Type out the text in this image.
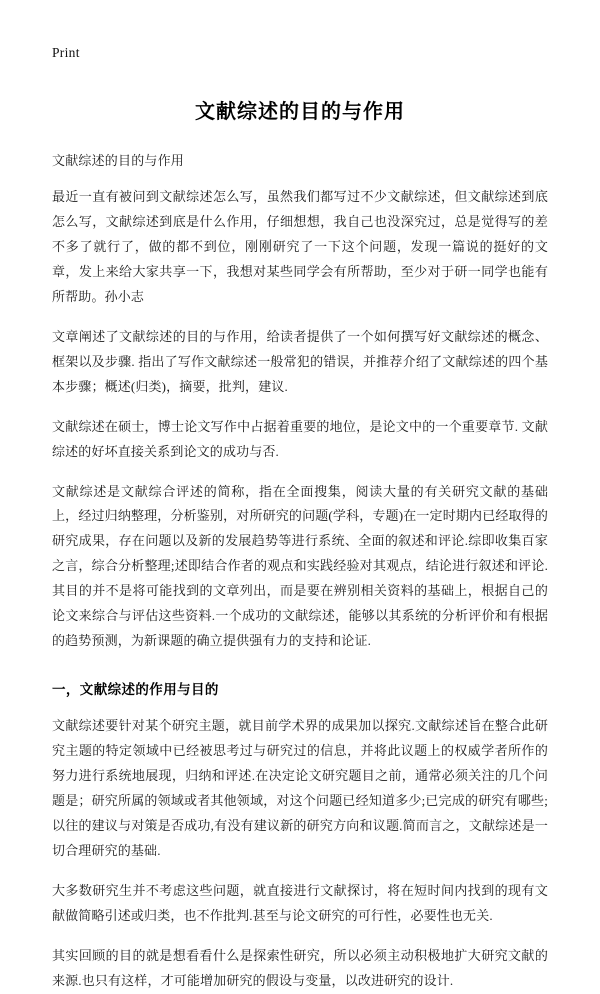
Print
文献综述的目的与作用
文献综述的目的与作用

最近一直有被问到文献综述怎么写，虽然我们都写过不少文献综述，但文献综述到底怎么写，文献综述到底是什么作用，仔细想想，我自己也没深究过，总是觉得写的差不多了就行了，做的都不到位，刚刚研究了一下这个问题，发现一篇说的挺好的文章，发上来给大家共享一下，我想对某些同学会有所帮助，至少对于研一同学也能有所帮助。孙小志

文章阐述了文献综述的目的与作用，给读者提供了一个如何撰写好文献综述的概念、框架以及步骤. 指出了写作文献综述一般常犯的错误，并推荐介绍了文献综述的四个基本步骤；概述(归类)，摘要，批判，建议.

文献综述在硕士，博士论文写作中占据着重要的地位，是论文中的一个重要章节. 文献综述的好坏直接关系到论文的成功与否.

文献综述是文献综合评述的简称，指在全面搜集，阅读大量的有关研究文献的基础上，经过归纳整理，分析鉴别，对所研究的问题(学科，专题)在一定时期内已经取得的研究成果，存在问题以及新的发展趋势等进行系统、全面的叙述和评论.综即收集百家之言，综合分析整理;述即结合作者的观点和实践经验对其观点，结论进行叙述和评论.其目的并不是将可能找到的文章列出，而是要在辨别相关资料的基础上，根据自己的论文来综合与评估这些资料.一个成功的文献综述，能够以其系统的分析评价和有根据的趋势预测，为新课题的确立提供强有力的支持和论证.

一，文献综述的作用与目的

文献综述要针对某个研究主题，就目前学术界的成果加以探究.文献综述旨在整合此研究主题的特定领域中已经被思考过与研究过的信息，并将此议题上的权威学者所作的努力进行系统地展现，归纳和评述.在决定论文研究题目之前，通常必须关注的几个问题是；研究所属的领域或者其他领域，对这个问题已经知道多少;已完成的研究有哪些;以往的建议与对策是否成功,有没有建议新的研究方向和议题.简而言之，文献综述是一切合理研究的基础.

大多数研究生并不考虑这些问题，就直接进行文献探讨，将在短时间内找到的现有文献做简略引述或归类，也不作批判.甚至与论文研究的可行性，必要性也无关.

其实回顾的目的就是想看看什么是探索性研究，所以必须主动积极地扩大研究文献的来源.也只有这样，才可能增加研究的假设与变量，以改进研究的设计.
